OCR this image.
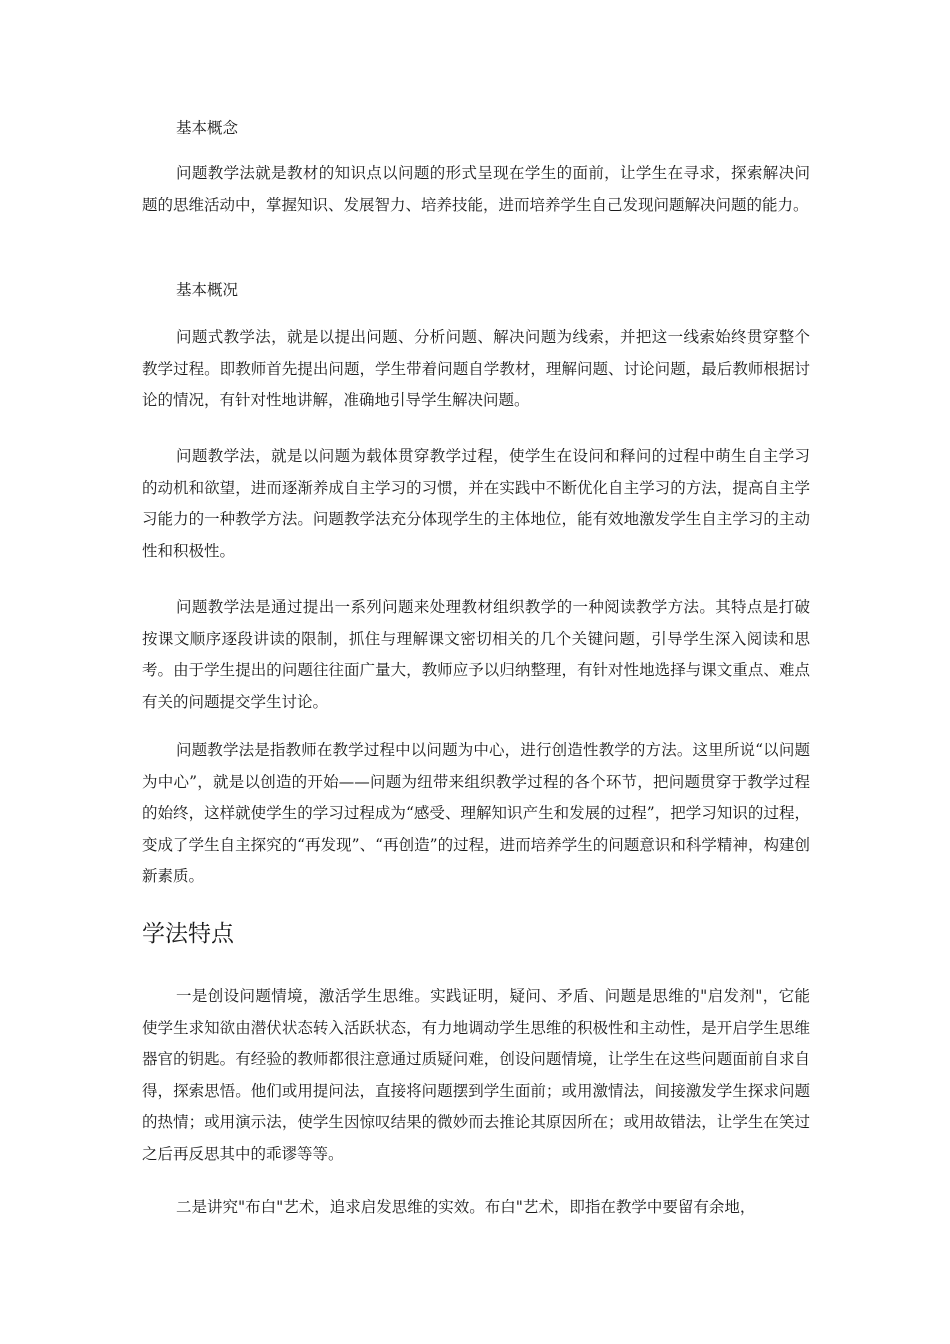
基本概念

问题教学法就是教材的知识点以问题的形式呈现在学生的面前，让学生在寻求，探索解决问题的思维活动中，掌握知识、发展智力、培养技能，进而培养学生自己发现问题解决问题的能力。

基本概况

问题式教学法，就是以提出问题、分析问题、解决问题为线索，并把这一线索始终贯穿整个教学过程。即教师首先提出问题，学生带着问题自学教材，理解问题、讨论问题，最后教师根据讨论的情况，有针对性地讲解，准确地引导学生解决问题。

问题教学法，就是以问题为载体贯穿教学过程，使学生在设问和释问的过程中萌生自主学习的动机和欲望，进而逐渐养成自主学习的习惯，并在实践中不断优化自主学习的方法，提高自主学习能力的一种教学方法。问题教学法充分体现学生的主体地位，能有效地激发学生自主学习的主动性和积极性。

问题教学法是通过提出一系列问题来处理教材组织教学的一种阅读教学方法。其特点是打破按课文顺序逐段讲读的限制，抓住与理解课文密切相关的几个关键问题，引导学生深入阅读和思考。由于学生提出的问题往往面广量大，教师应予以归纳整理，有针对性地选择与课文重点、难点有关的问题提交学生讨论。

问题教学法是指教师在教学过程中以问题为中心，进行创造性教学的方法。这里所说“以问题为中心”，就是以创造的开始——问题为纽带来组织教学过程的各个环节，把问题贯穿于教学过程的始终，这样就使学生的学习过程成为“感受、理解知识产生和发展的过程”，把学习知识的过程，变成了学生自主探究的“再发现”、“再创造”的过程，进而培养学生的问题意识和科学精神，构建创新素质。

学法特点

一是创设问题情境，激活学生思维。实践证明，疑问、矛盾、问题是思维的"启发剂"，它能使学生求知欲由潜伏状态转入活跃状态，有力地调动学生思维的积极性和主动性，是开启学生思维器官的钥匙。有经验的教师都很注意通过质疑问难，创设问题情境，让学生在这些问题面前自求自得，探索思悟。他们或用提问法，直接将问题摆到学生面前；或用激情法，间接激发学生探求问题的热情；或用演示法，使学生因惊叹结果的微妙而去推论其原因所在；或用故错法，让学生在笑过之后再反思其中的乖谬等等。

二是讲究"布白"艺术，追求启发思维的实效。布白"艺术，即指在教学中要留有余地，
